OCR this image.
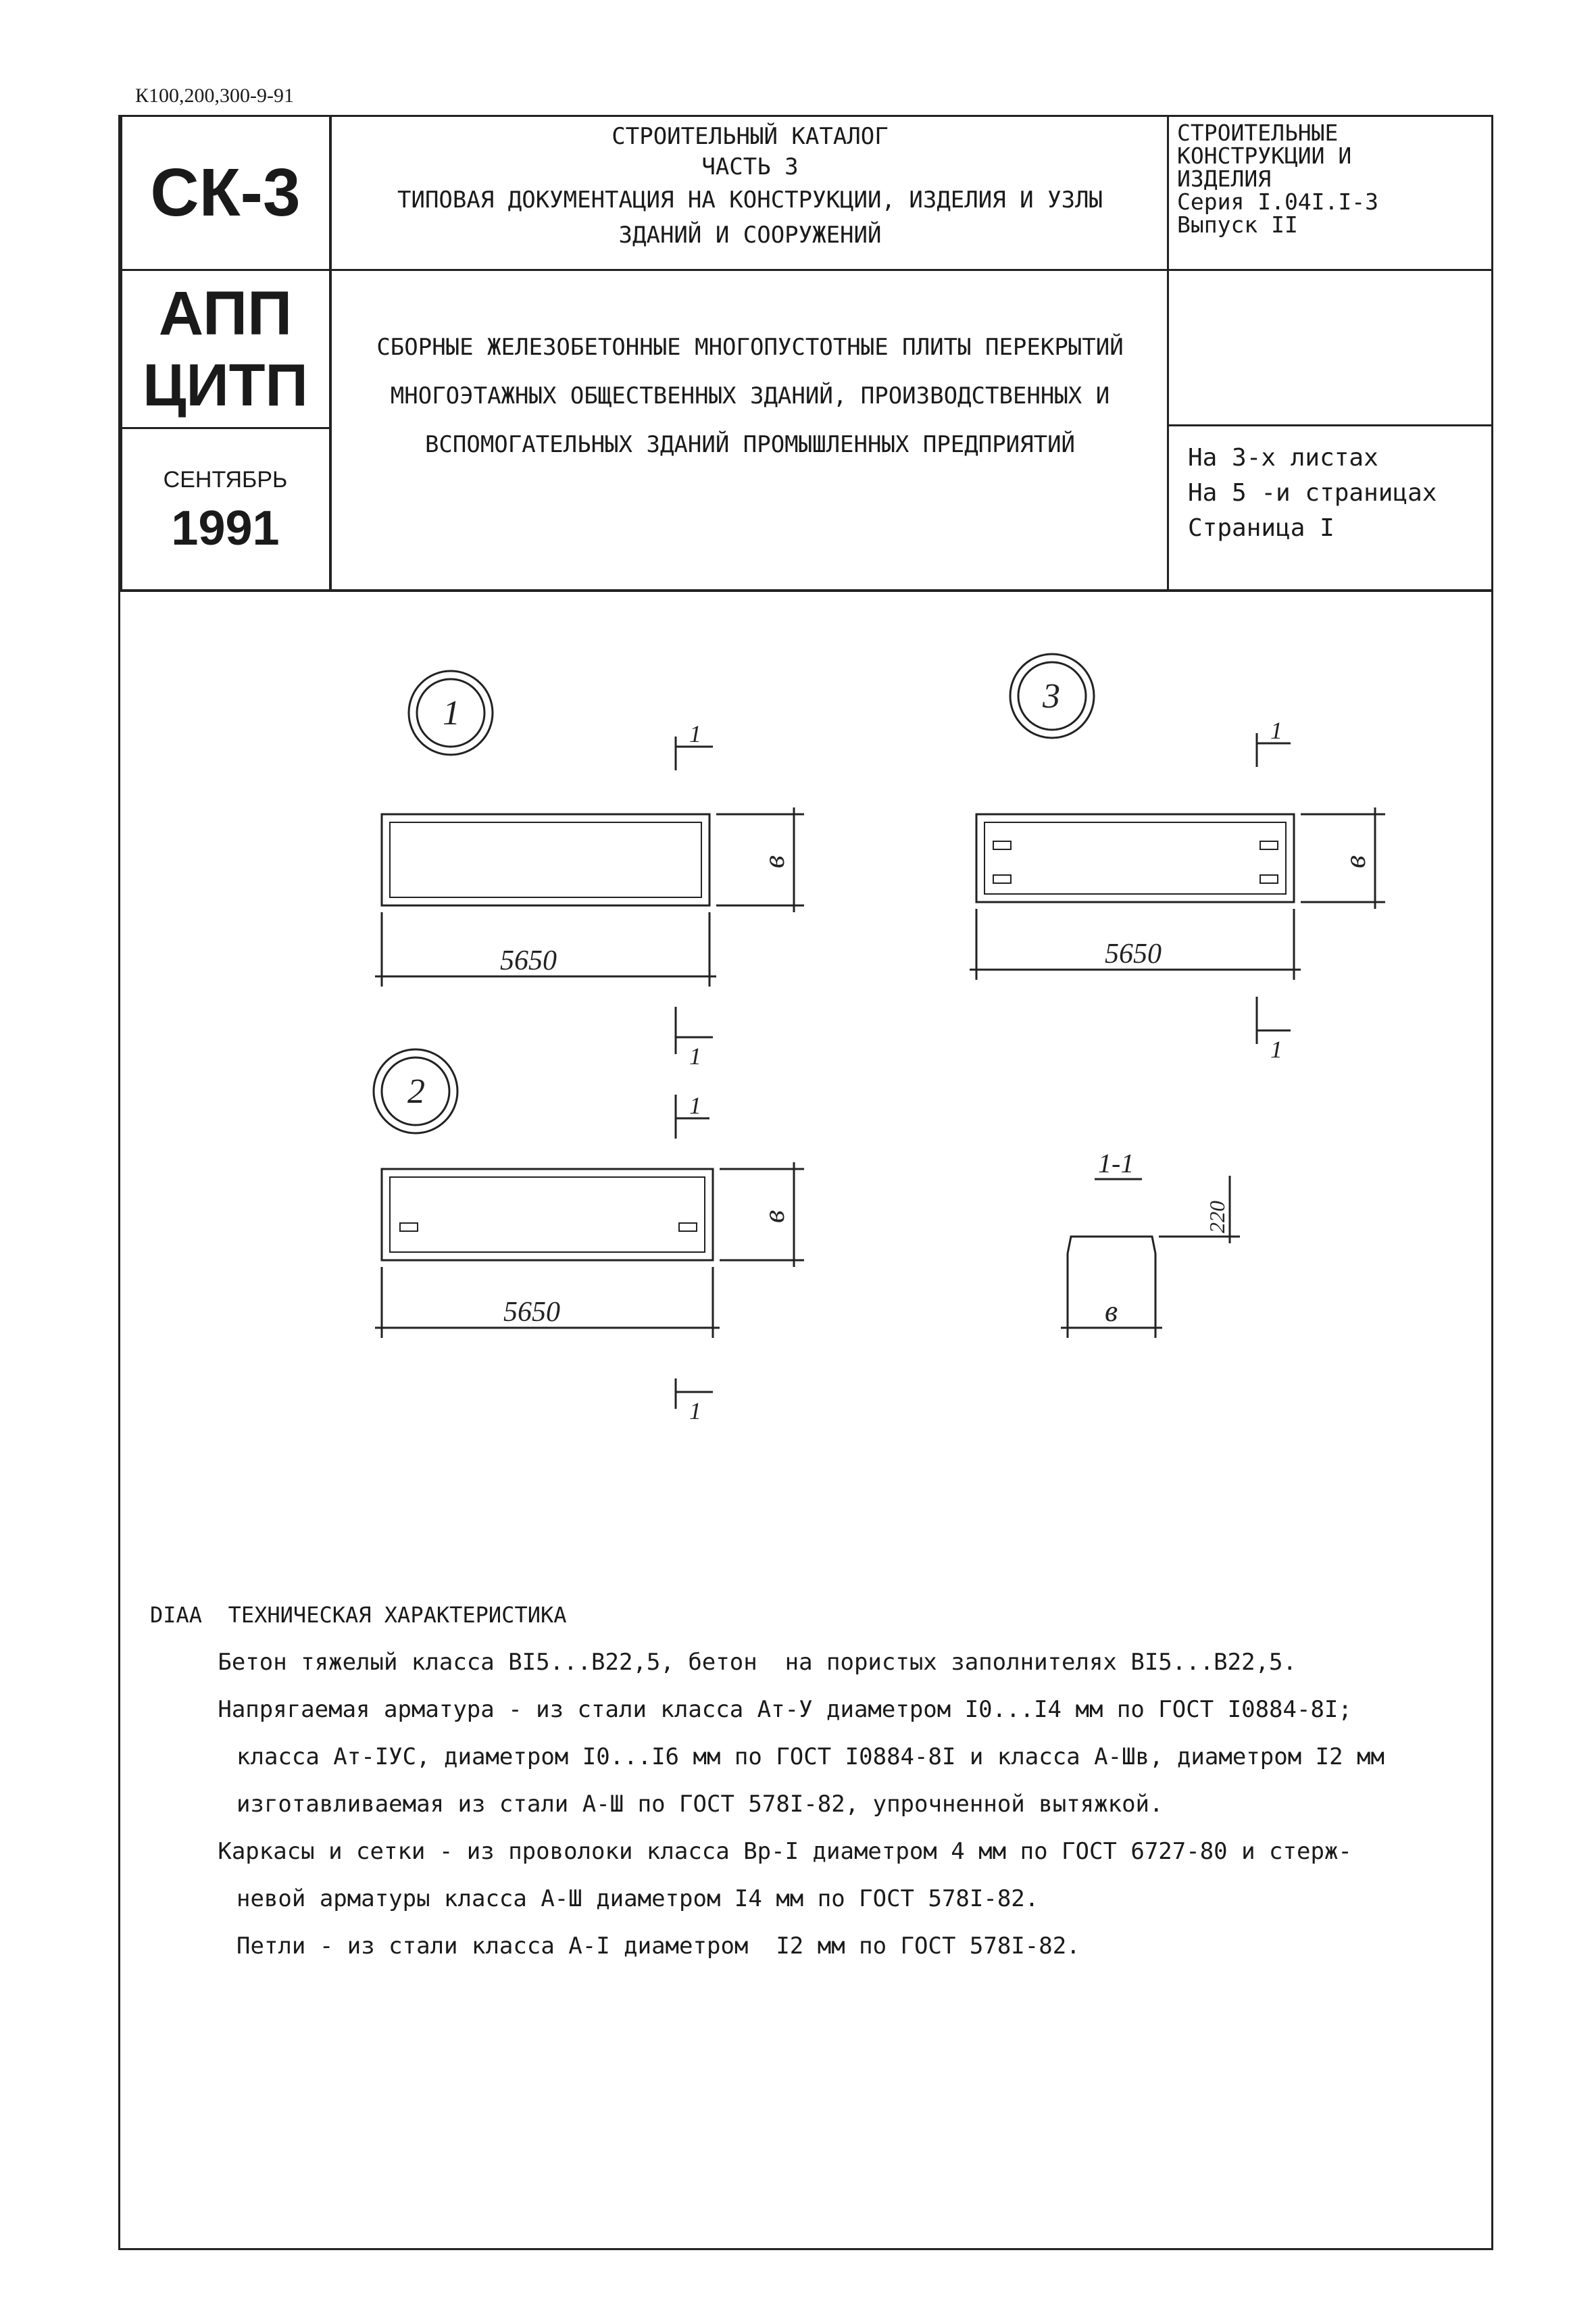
К100,200,300-9-91
СК-3
АПП
ЦИТП
СЕНТЯБРЬ
1991
СТРОИТЕЛЬНЫЙ КАТАЛОГ
ЧАСТЬ 3
ТИПОВАЯ ДОКУМЕНТАЦИЯ НА КОНСТРУКЦИИ, ИЗДЕЛИЯ И УЗЛЫ
ЗДАНИЙ И СООРУЖЕНИЙ
СТРОИТЕЛЬНЫЕ
КОНСТРУКЦИИ И
ИЗДЕЛИЯ
Серия I.04I.I-3
Выпуск II
СБОРНЫЕ ЖЕЛЕЗОБЕТОННЫЕ МНОГОПУСТОТНЫЕ ПЛИТЫ ПЕРЕКРЫТИЙ
МНОГОЭТАЖНЫХ ОБЩЕСТВЕННЫХ ЗДАНИЙ, ПРОИЗВОДСТВЕННЫХ И
ВСПОМОГАТЕЛЬНЫХ ЗДАНИЙ ПРОМЫШЛЕННЫХ ПРЕДПРИЯТИЙ	На 3-х листах
На 5 -и страницах
Страница I
1
2
3
5650
5650
5650
в
в
в
1
1
1
1
1
1
1-1
в
220
DIAA  ТЕХНИЧЕСКАЯ ХАРАКТЕРИСТИКА
Бетон тяжелый класса BI5...B22,5, бетон  на пористых заполнителях BI5...B22,5.
Напрягаемая арматура - из стали класса Ат-У диаметром I0...I4 мм по ГОСТ I0884-8I;
класса Ат-IУС, диаметром I0...I6 мм по ГОСТ I0884-8I и класса А-Шв, диаметром I2 мм
изготавливаемая из стали А-Ш по ГОСТ 578I-82, упрочненной вытяжкой.
Каркасы и сетки - из проволоки класса Вр-I диаметром 4 мм по ГОСТ 6727-80 и стерж-
невой арматуры класса А-Ш диаметром I4 мм по ГОСТ 578I-82.
Петли - из стали класса А-I диаметром  I2 мм по ГОСТ 578I-82.
